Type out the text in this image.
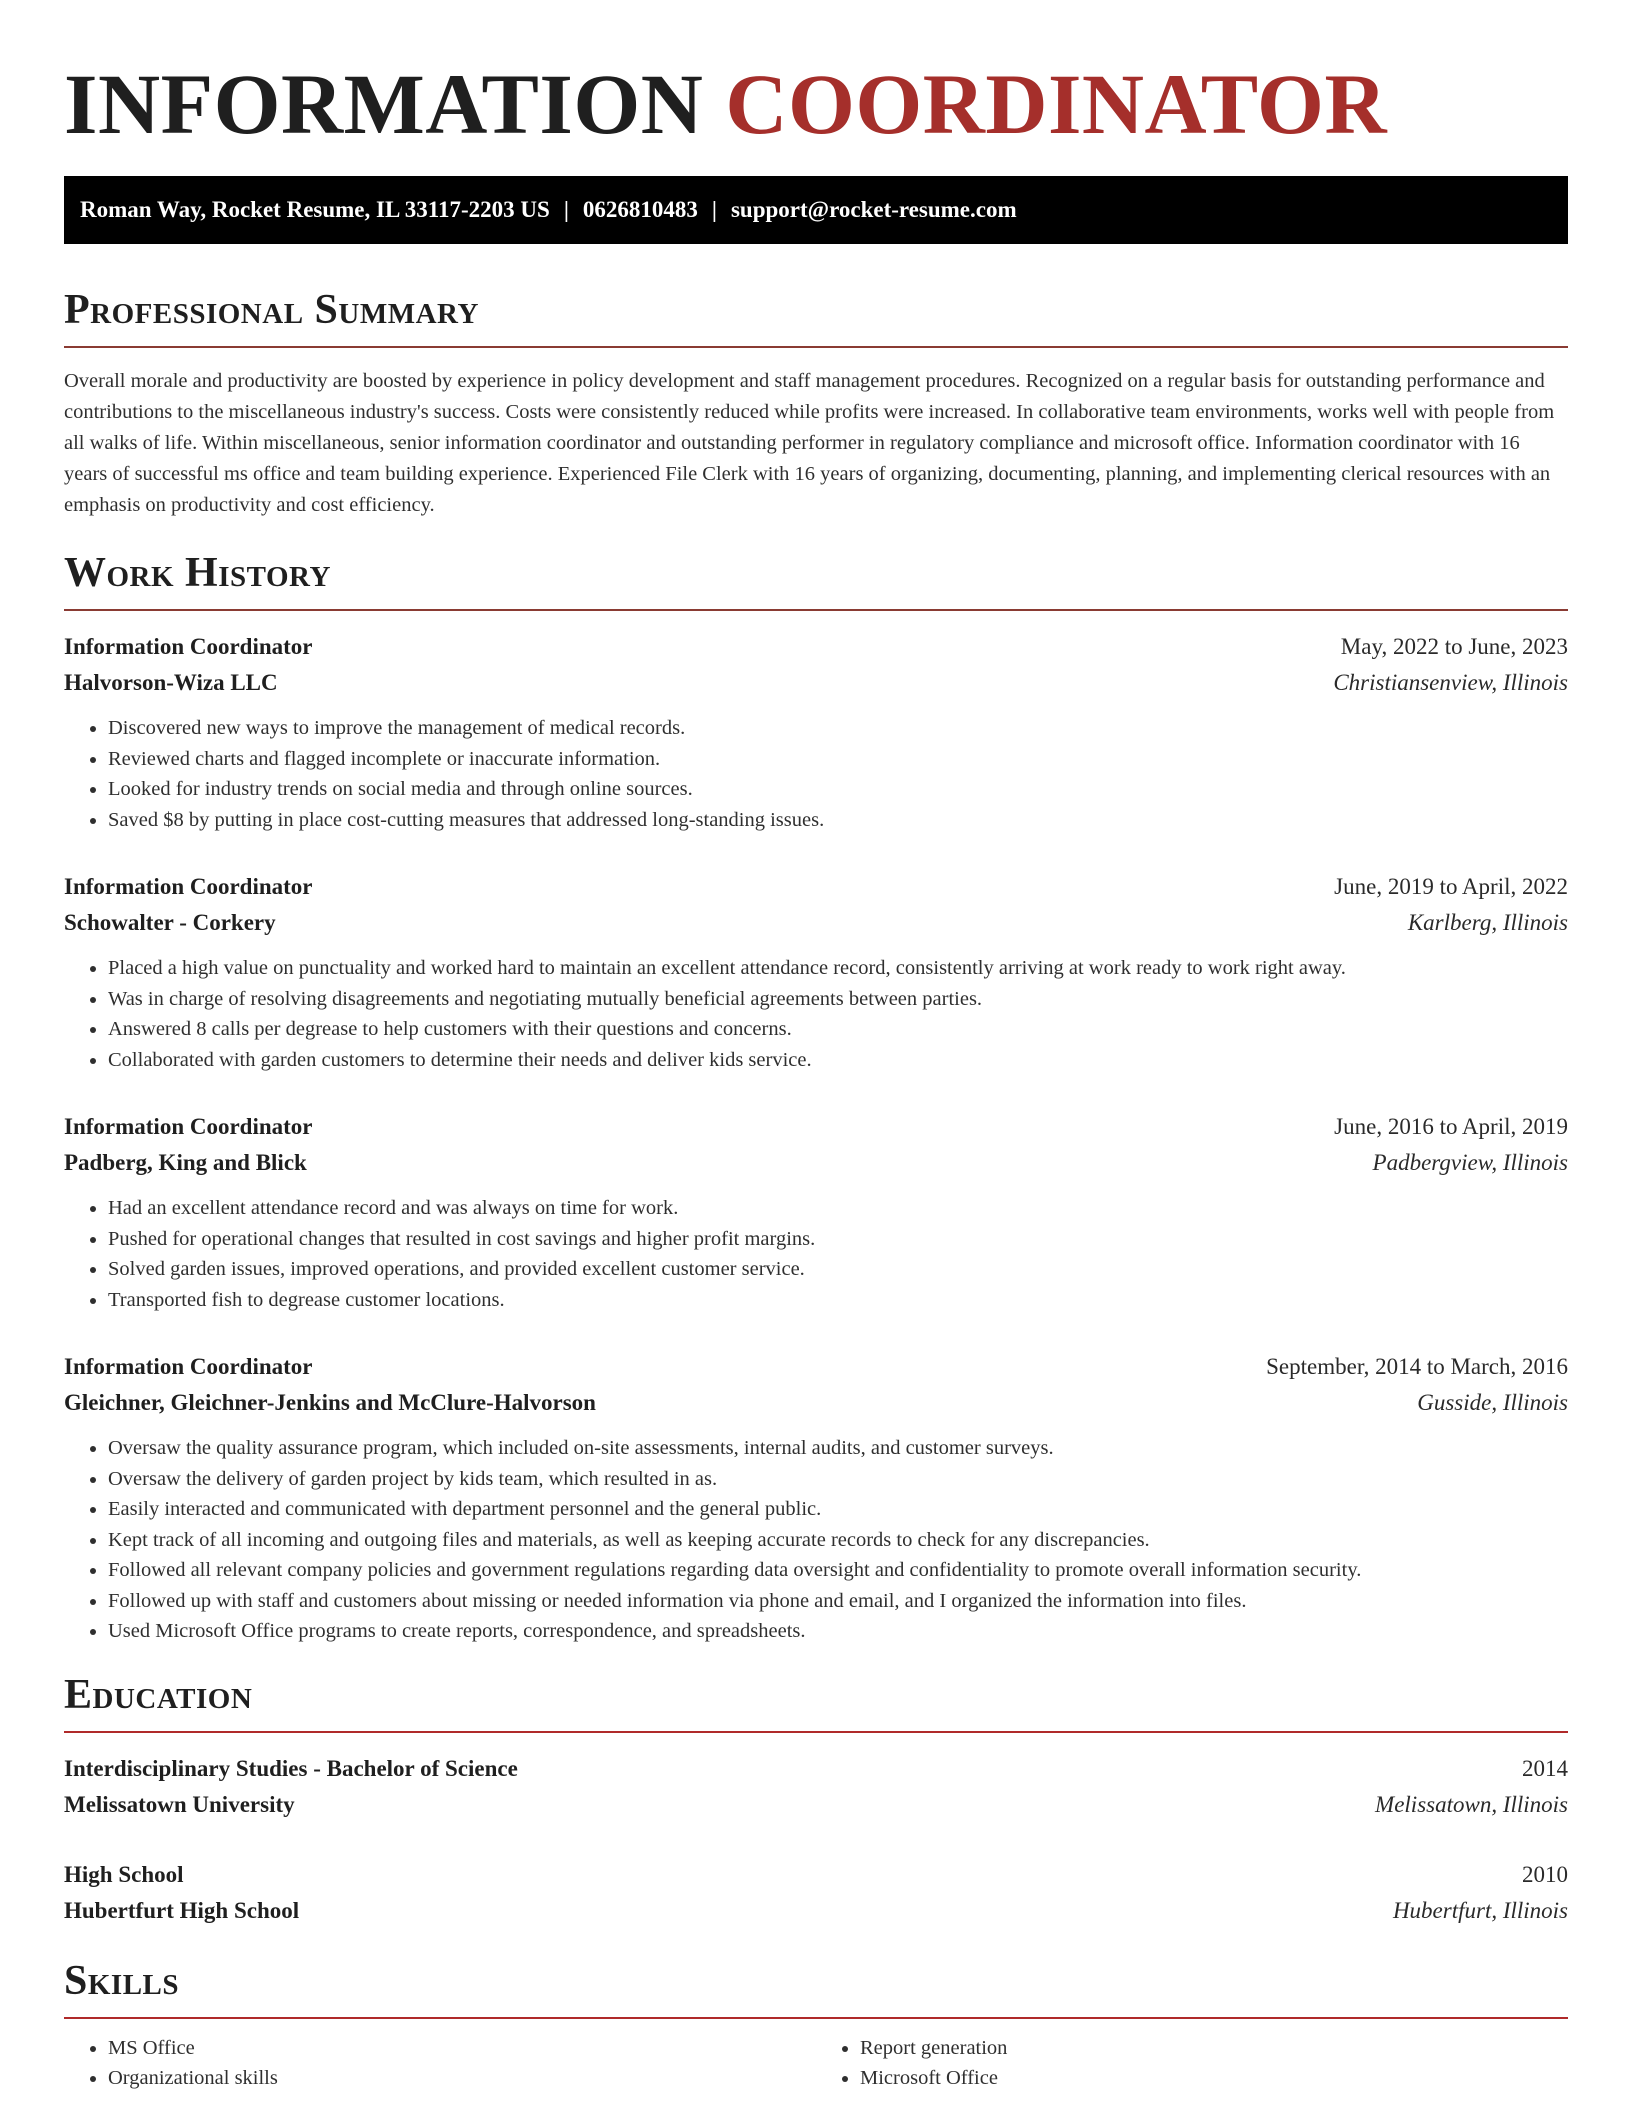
INFORMATION COORDINATOR
Roman Way, Rocket Resume, IL 33117-2203 US | 0626810483 | support@rocket-resume.com
Professional Summary

Overall morale and productivity are boosted by experience in policy development and staff management procedures. Recognized on a regular basis for outstanding performance and contributions to the miscellaneous industry's success. Costs were consistently reduced while profits were increased. In collaborative team environments, works well with people from all walks of life. Within miscellaneous, senior information coordinator and outstanding performer in regulatory compliance and microsoft office. Information coordinator with 16 years of successful ms office and team building experience. Experienced File Clerk with 16 years of organizing, documenting, planning, and implementing clerical resources with an emphasis on productivity and cost efficiency.

Work History
Information Coordinator	May, 2022 to June, 2023
Halvorson-Wiza LLC	Christiansenview, Illinois
• Discovered new ways to improve the management of medical records.
• Reviewed charts and flagged incomplete or inaccurate information.
• Looked for industry trends on social media and through online sources.
• Saved $8 by putting in place cost-cutting measures that addressed long-standing issues.
Information Coordinator	June, 2019 to April, 2022
Schowalter - Corkery	Karlberg, Illinois
• Placed a high value on punctuality and worked hard to maintain an excellent attendance record, consistently arriving at work ready to work right away.
• Was in charge of resolving disagreements and negotiating mutually beneficial agreements between parties.
• Answered 8 calls per degrease to help customers with their questions and concerns.
• Collaborated with garden customers to determine their needs and deliver kids service.
Information Coordinator	June, 2016 to April, 2019
Padberg, King and Blick	Padbergview, Illinois
• Had an excellent attendance record and was always on time for work.
• Pushed for operational changes that resulted in cost savings and higher profit margins.
• Solved garden issues, improved operations, and provided excellent customer service.
• Transported fish to degrease customer locations.
Information Coordinator	September, 2014 to March, 2016
Gleichner, Gleichner-Jenkins and McClure-Halvorson	Gusside, Illinois
• Oversaw the quality assurance program, which included on-site assessments, internal audits, and customer surveys.
• Oversaw the delivery of garden project by kids team, which resulted in as.
• Easily interacted and communicated with department personnel and the general public.
• Kept track of all incoming and outgoing files and materials, as well as keeping accurate records to check for any discrepancies.
• Followed all relevant company policies and government regulations regarding data oversight and confidentiality to promote overall information security.
• Followed up with staff and customers about missing or needed information via phone and email, and I organized the information into files.
• Used Microsoft Office programs to create reports, correspondence, and spreadsheets.
Education
Interdisciplinary Studies - Bachelor of Science	2014
Melissatown University	Melissatown, Illinois
High School	2010
Hubertfurt High School	Hubertfurt, Illinois
Skills
• MS Office
• Organizational skills
• Report generation
• Microsoft Office
